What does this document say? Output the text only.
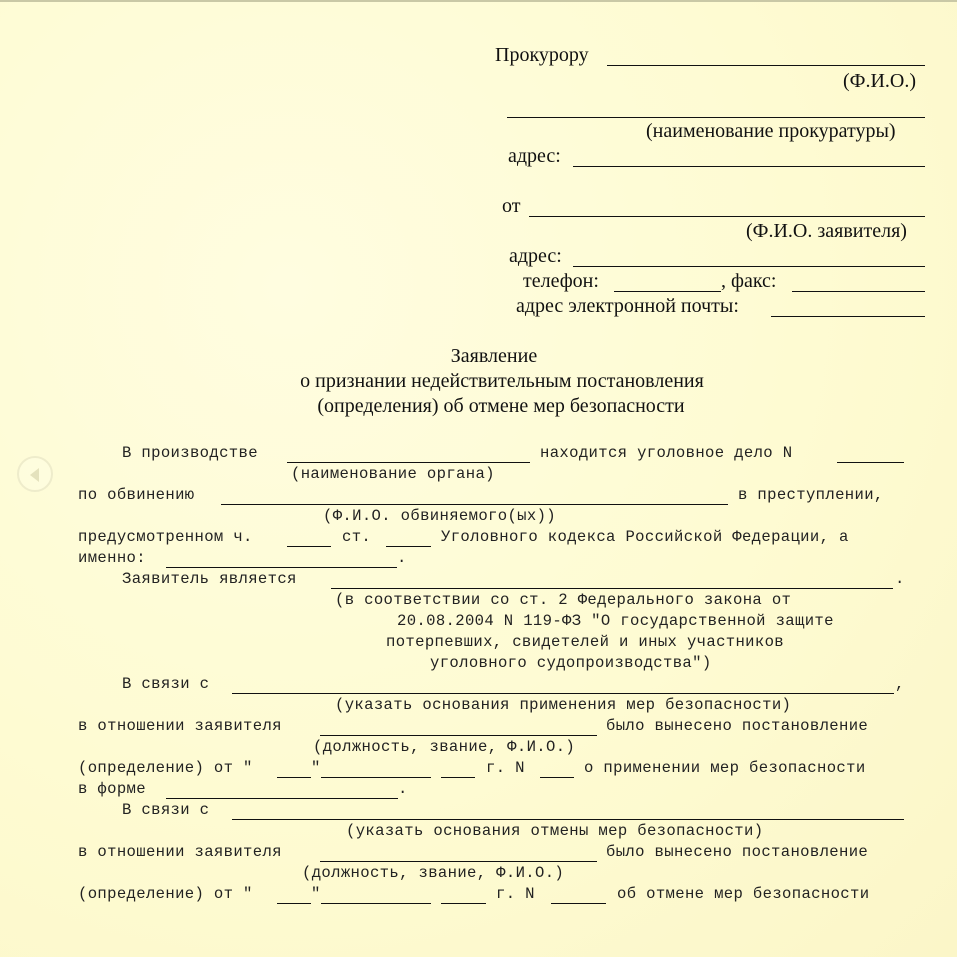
Прокурору
(Ф.И.О.)
(наименование прокуратуры)
адрес:
от
(Ф.И.О. заявителя)
адрес:
телефон:	, факс:
адрес электронной почты:
Заявление
о признании недействительным постановления
(определения) об отмене мер безопасности
В производстве	находится уголовное дело N
(наименование органа)
по обвинению	в преступлении,
(Ф.И.О. обвиняемого(ых))
предусмотренном ч.	ст.	Уголовного кодекса Российской Федерации, а
именно:	.
Заявитель является	.
(в соответствии со ст. 2 Федерального закона от
20.08.2004 N 119-ФЗ "О государственной защите
потерпевших, свидетелей и иных участников
уголовного судопроизводства")
В связи с	,
(указать основания применения мер безопасности)
в отношении заявителя	было вынесено постановление
(должность, звание, Ф.И.О.)
(определение) от "	"	г. N	о применении мер безопасности
в форме	.
В связи с
(указать основания отмены мер безопасности)
в отношении заявителя	было вынесено постановление
(должность, звание, Ф.И.О.)
(определение) от "	"	г. N	об отмене мер безопасности
